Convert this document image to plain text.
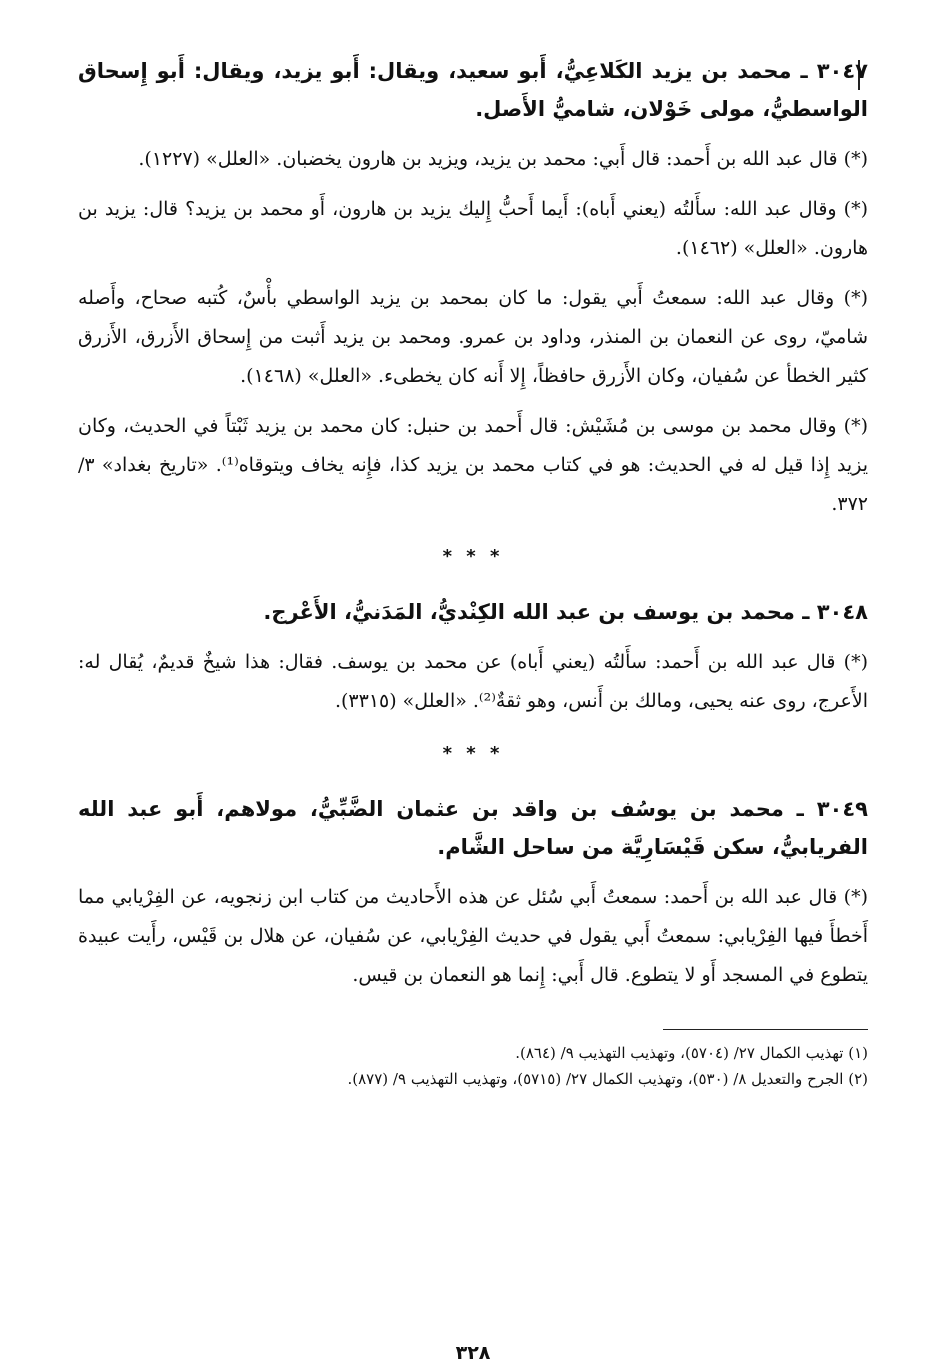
٣٠٤٧ ـ محمد بن يزيد الكَلاعِيُّ، أَبو سعيد، ويقال: أَبو يزيد، ويقال: أَبو إِسحاق الواسطيُّ، مولى خَوْلان، شاميُّ الأَصل.

(*) قال عبد الله بن أَحمد: قال أَبي: محمد بن يزيد، ويزيد بن هارون يخضبان. «العلل» (١٢٢٧).

(*) وقال عبد الله: سأَلتُه (يعني أَباه): أَيما أَحبُّ إِليك يزيد بن هارون، أَو محمد بن يزيد؟ قال: يزيد بن هارون. «العلل» (١٤٦٢).

(*) وقال عبد الله: سمعتُ أَبي يقول: ما كان بمحمد بن يزيد الواسطي بأْسٌ، كُتبه صحاح، وأَصله شاميّ، روى عن النعمان بن المنذر، وداود بن عمرو. ومحمد بن يزيد أَثبت من إِسحاق الأَزرق، الأَزرق كثير الخطأ عن سُفيان، وكان الأَزرق حافظاً، إِلا أَنه كان يخطىء. «العلل» (١٤٦٨).

(*) وقال محمد بن موسى بن مُشَيْش: قال أَحمد بن حنبل: كان محمد بن يزيد ثَبْتاً في الحديث، وكان يزيد إِذا قيل له في الحديث: هو في كتاب محمد بن يزيد كذا، فإِنه يخاف ويتوقاه⁽¹⁾. «تاريخ بغداد» ٣/ ٣٧٢.

* * *
٣٠٤٨ ـ محمد بن يوسف بن عبد الله الكِنْديُّ، المَدَنيُّ، الأَعْرج.

(*) قال عبد الله بن أَحمد: سأَلتُه (يعني أَباه) عن محمد بن يوسف. فقال: هذا شيخٌ قديمٌ، يُقال له: الأَعرج، روى عنه يحيى، ومالك بن أَنس، وهو ثقةٌ⁽²⁾. «العلل» (٣٣١٥).

* * *
٣٠٤٩ ـ محمد بن يوسُف بن واقد بن عثمان الضَّبِّيُّ، مولاهم، أَبو عبد الله الفريابيُّ، سكن قَيْسَارِيَّة من ساحل الشَّام.

(*) قال عبد الله بن أَحمد: سمعتُ أَبي سُئل عن هذه الأَحاديث من كتاب ابن زنجويه، عن الفِرْيابي مما أَخطأَ فيها الفِرْيابي: سمعتُ أَبي يقول في حديث الفِرْيابي، عن سُفيان، عن هلال بن قَيْس، رأَيت عبيدة يتطوع في المسجد أَو لا يتطوع. قال أَبي: إِنما هو النعمان بن قيس.

(١) تهذيب الكمال ٢٧/ (٥٧٠٤)، وتهذيب التهذيب ٩/ (٨٦٤).

(٢) الجرح والتعديل ٨/ (٥٣٠)، وتهذيب الكمال ٢٧/ (٥٧١٥)، وتهذيب التهذيب ٩/ (٨٧٧).

٣٢٨
